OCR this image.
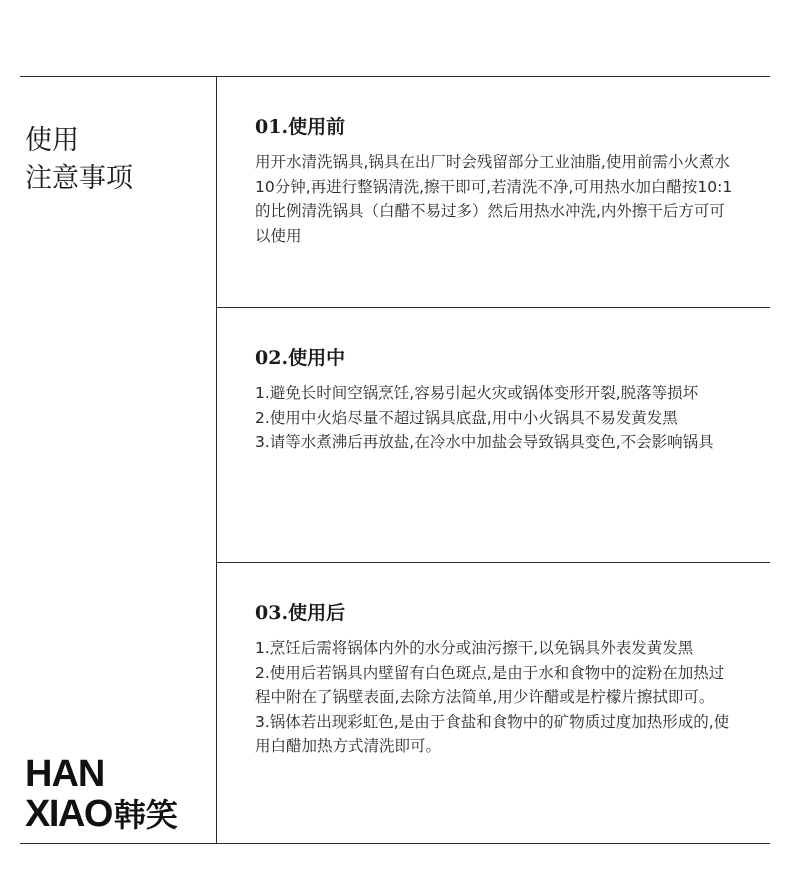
使用
注意事项
HAN
XIAO韩笑
01.使用前

用开水清洗锅具,锅具在出厂时会残留部分工业油脂,使用前需小火煮水10分钟,再进行整锅清洗,擦干即可,若清洗不净,可用热水加白醋按10:1的比例清洗锅具（白醋不易过多）然后用热水冲洗,内外擦干后方可可以使用

02.使用中

1.避免长时间空锅烹饪,容易引起火灾或锅体变形开裂,脱落等损坏

2.使用中火焰尽量不超过锅具底盘,用中小火锅具不易发黄发黑

3.请等水煮沸后再放盐,在冷水中加盐会导致锅具变色,不会影响锅具

03.使用后

1.烹饪后需将锅体内外的水分或油污擦干,以免锅具外表发黄发黑

2.使用后若锅具内壁留有白色斑点,是由于水和食物中的淀粉在加热过程中附在了锅壁表面,去除方法简单,用少许醋或是柠檬片擦拭即可。

3.锅体若出现彩虹色,是由于食盐和食物中的矿物质过度加热形成的,使用白醋加热方式清洗即可。
